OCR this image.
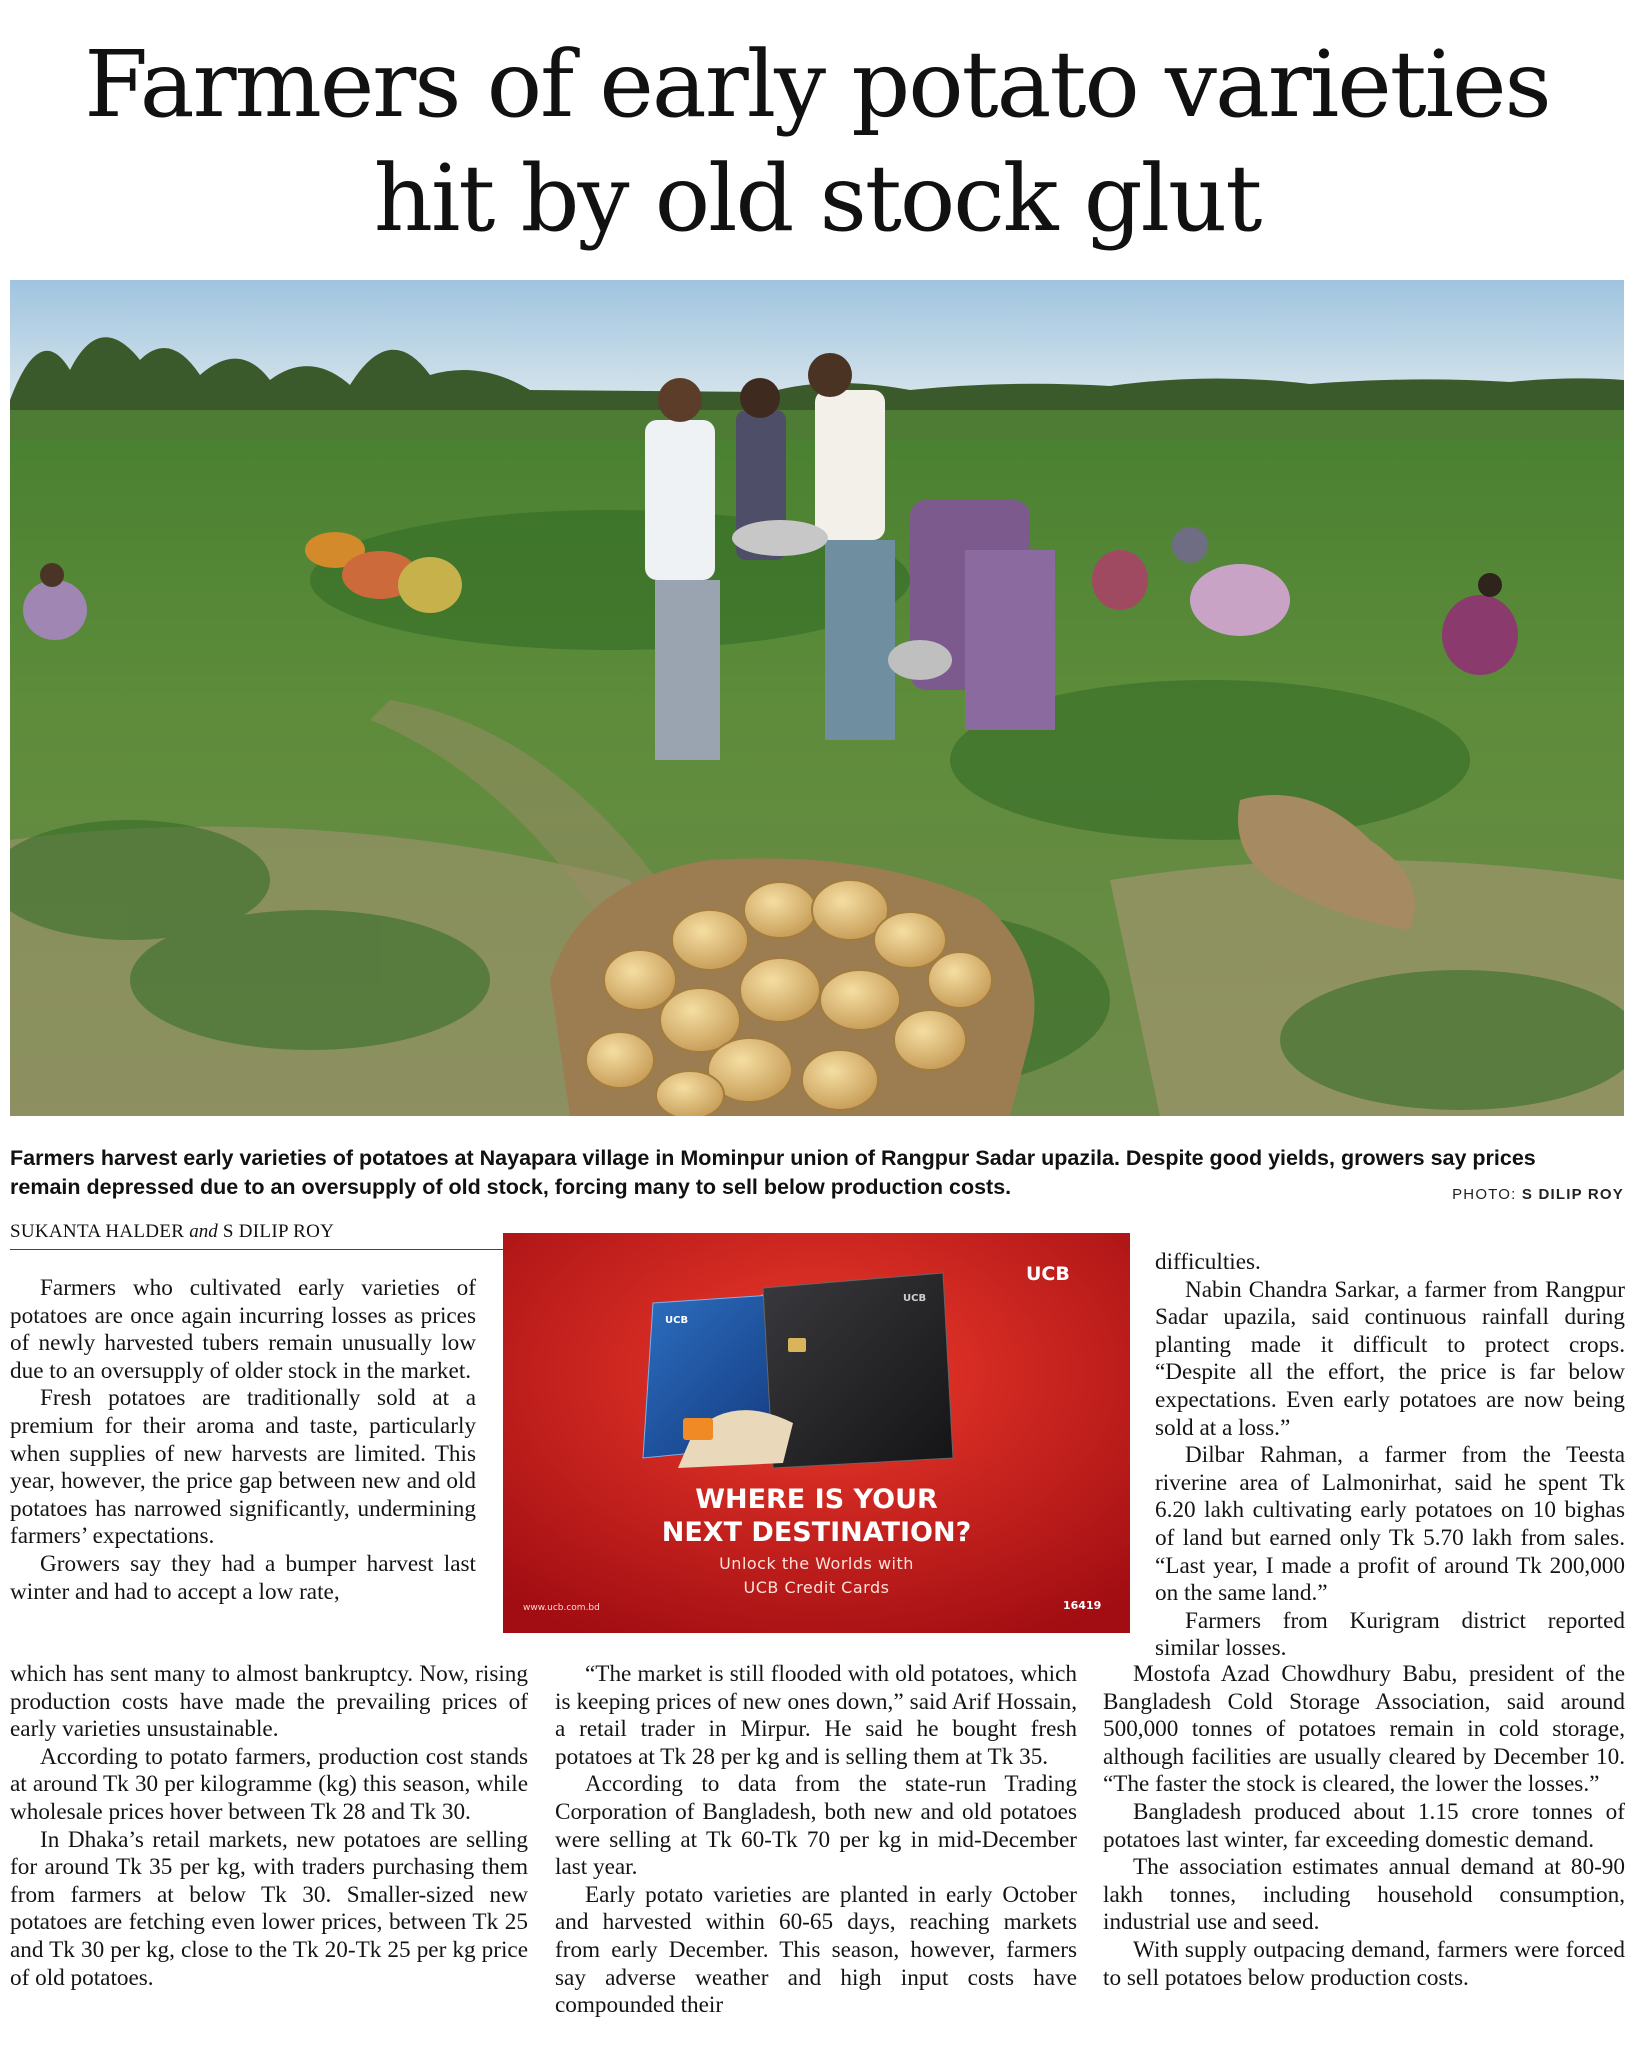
Farmers of early potato varieties
hit by old stock glut

Farmers harvest early varieties of potatoes at Nayapara village in Mominpur union of Rangpur Sadar upazila. Despite good yields, growers say prices remain depressed due to an oversupply of old stock, forcing many to sell below production costs.	PHOTO: S DILIP ROY
SUKANTA HALDER and S DILIP ROY

Farmers who cultivated early varieties of potatoes are once again incurring losses as prices of newly harvested tubers remain unusually low due to an oversupply of older stock in the market.

Fresh potatoes are traditionally sold at a premium for their aroma and taste, particularly when supplies of new harvests are limited. This year, however, the price gap between new and old potatoes has narrowed significantly, undermining farmers’ expectations.

Growers say they had a bumper harvest last winter and had to accept a low rate,

which has sent many to almost bankruptcy. Now, rising production costs have made the prevailing prices of early varieties unsustainable.

According to potato farmers, production cost stands at around Tk 30 per kilogramme (kg) this season, while wholesale prices hover between Tk 28 and Tk 30.

In Dhaka’s retail markets, new potatoes are selling for around Tk 35 per kg, with traders purchasing them from farmers at below Tk 30. Smaller-sized new potatoes are fetching even lower prices, between Tk 25 and Tk 30 per kg, close to the Tk 20-Tk 25 per kg price of old potatoes.

“The market is still flooded with old potatoes, which is keeping prices of new ones down,” said Arif Hossain, a retail trader in Mirpur. He said he bought fresh potatoes at Tk 28 per kg and is selling them at Tk 35.

According to data from the state-run Trading Corporation of Bangladesh, both new and old potatoes were selling at Tk 60-Tk 70 per kg in mid-December last year.

Early potato varieties are planted in early October and harvested within 60-65 days, reaching markets from early December. This season, however, farmers say adverse weather and high input costs have compounded their

difficulties.

Nabin Chandra Sarkar, a farmer from Rangpur Sadar upazila, said continuous rainfall during planting made it difficult to protect crops. “Despite all the effort, the price is far below expectations. Even early potatoes are now being sold at a loss.”

Dilbar Rahman, a farmer from the Teesta riverine area of Lalmonirhat, said he spent Tk 6.20 lakh cultivating early potatoes on 10 bighas of land but earned only Tk 5.70 lakh from sales. “Last year, I made a profit of around Tk 200,000 on the same land.”

Farmers from Kurigram district reported similar losses.

Mostofa Azad Chowdhury Babu, president of the Bangladesh Cold Storage Association, said around 500,000 tonnes of potatoes remain in cold storage, although facilities are usually cleared by December 10. “The faster the stock is cleared, the lower the losses.”

Bangladesh produced about 1.15 crore tonnes of potatoes last winter, far exceeding domestic demand.

The association estimates annual demand at 80-90 lakh tonnes, including household consumption, industrial use and seed.

With supply outpacing demand, farmers were forced to sell potatoes below production costs.

UCB
UCB
UCB
WHERE IS YOUR
NEXT DESTINATION?
Unlock the Worlds with
UCB Credit Cards
www.ucb.com.bd	16419
